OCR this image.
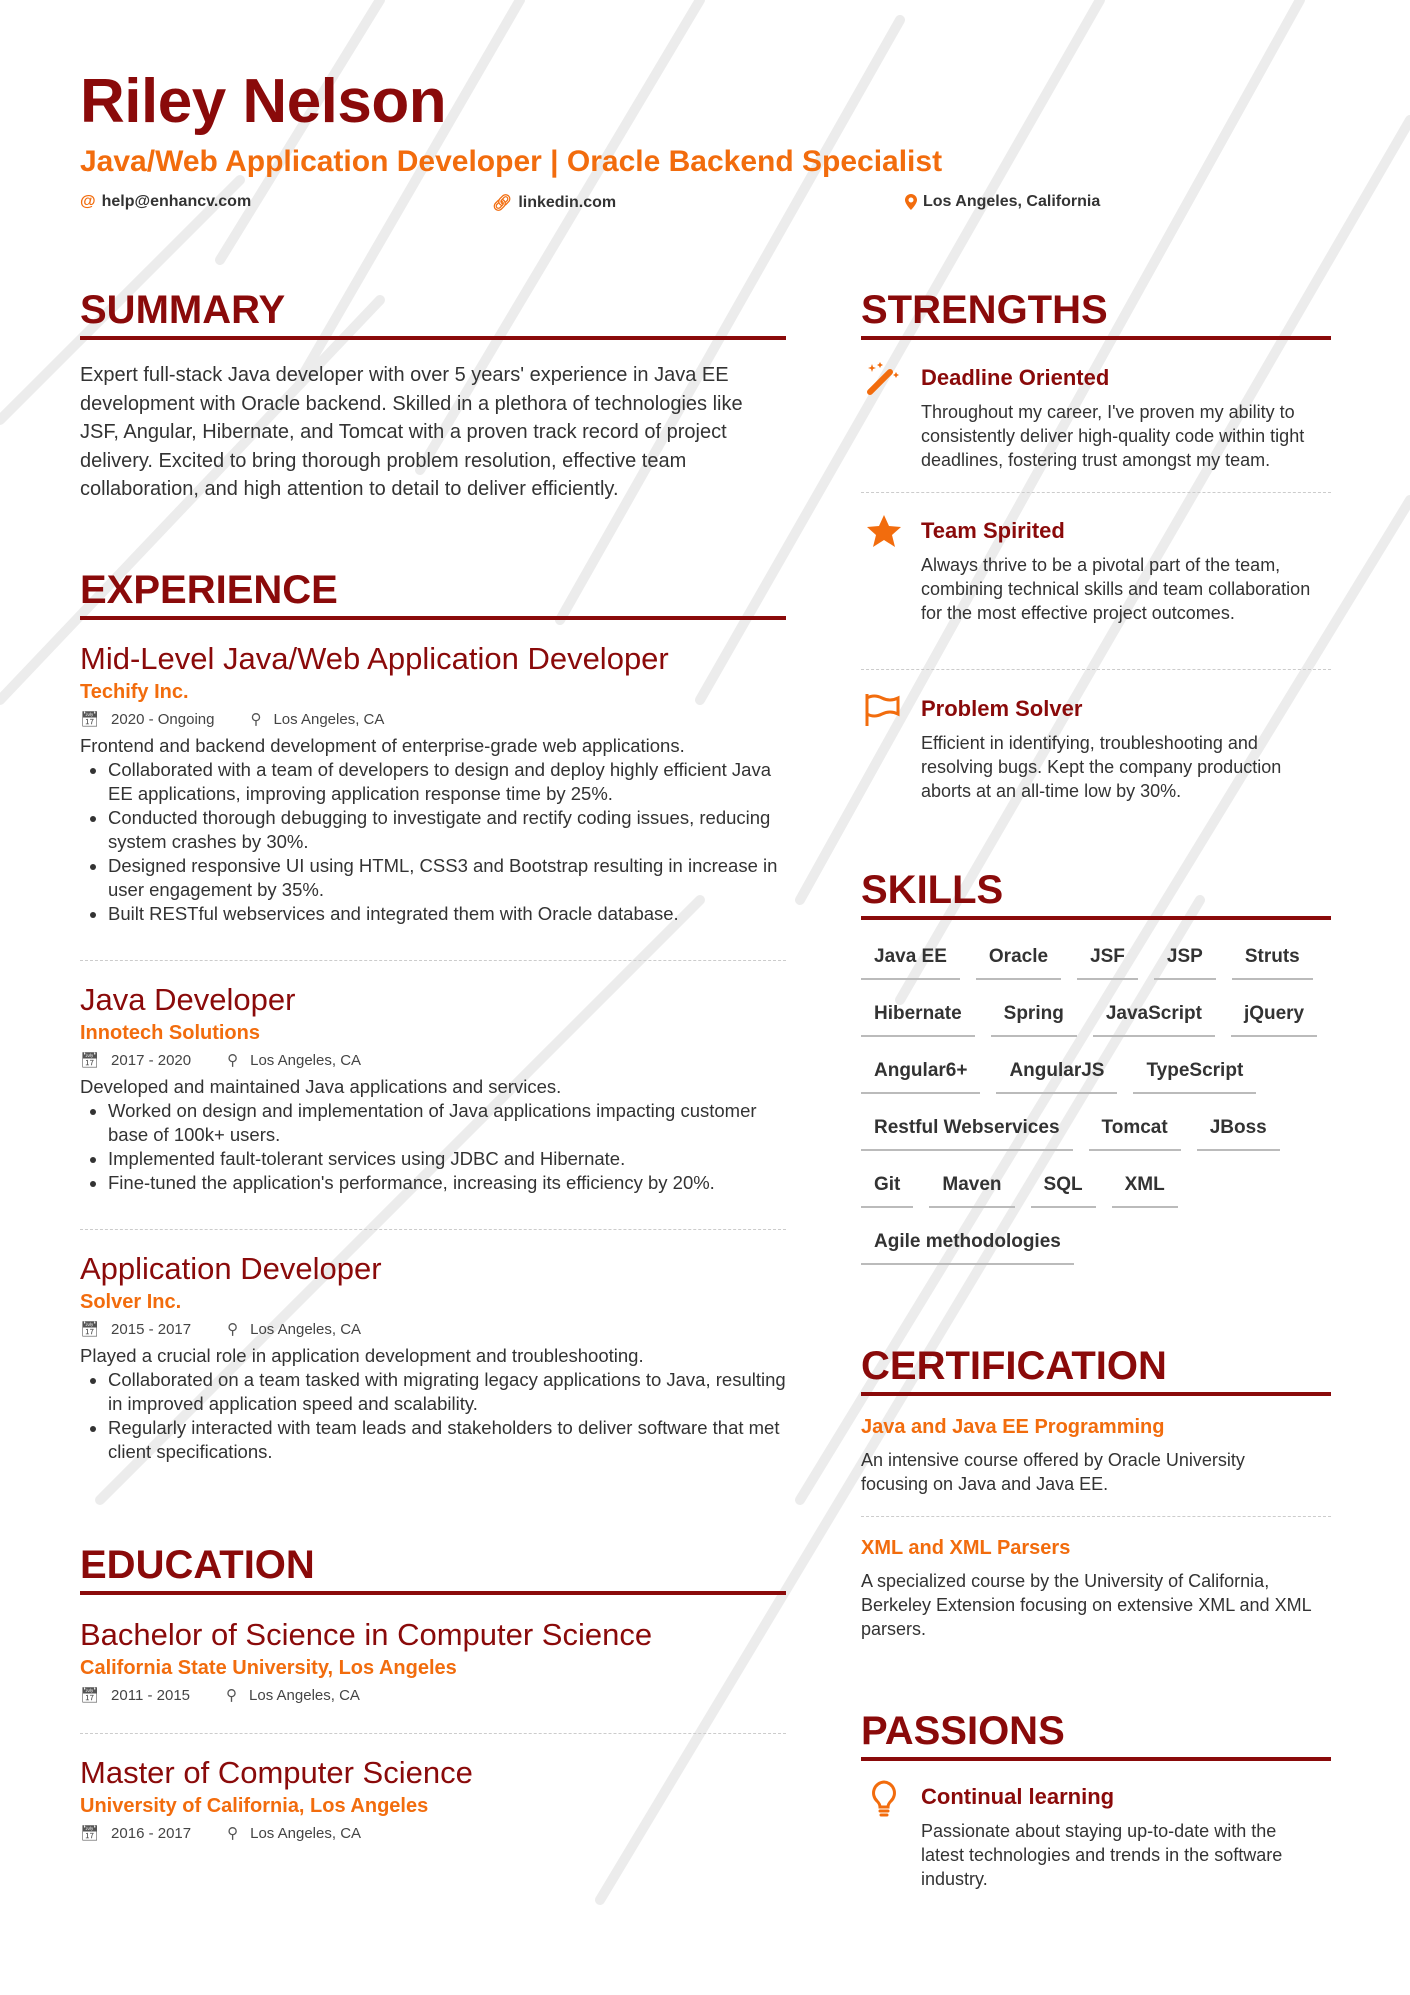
Riley Nelson
Java/Web Application Developer | Oracle Backend Specialist
@ help@enhancv.com	🔗︎ linkedin.com	Los Angeles, California
SUMMARY
Expert full-stack Java developer with over 5 years' experience in Java EE development with Oracle backend. Skilled in a plethora of technologies like JSF, Angular, Hibernate, and Tomcat with a proven track record of project delivery. Excited to bring thorough problem resolution, effective team collaboration, and high attention to detail to deliver efficiently.
EXPERIENCE
Mid-Level Java/Web Application Developer
Techify Inc.
📅︎ 2020 - Ongoing ⚲ Los Angeles, CA
Frontend and backend development of enterprise-grade web applications.
• Collaborated with a team of developers to design and deploy highly efficient Java EE applications, improving application response time by 25%.
• Conducted thorough debugging to investigate and rectify coding issues, reducing system crashes by 30%.
• Designed responsive UI using HTML, CSS3 and Bootstrap resulting in increase in user engagement by 35%.
• Built RESTful webservices and integrated them with Oracle database.
Java Developer
Innotech Solutions
📅︎ 2017 - 2020 ⚲ Los Angeles, CA
Developed and maintained Java applications and services.
• Worked on design and implementation of Java applications impacting customer base of 100k+ users.
• Implemented fault-tolerant services using JDBC and Hibernate.
• Fine-tuned the application's performance, increasing its efficiency by 20%.
Application Developer
Solver Inc.
📅︎ 2015 - 2017 ⚲ Los Angeles, CA
Played a crucial role in application development and troubleshooting.
• Collaborated on a team tasked with migrating legacy applications to Java, resulting in improved application speed and scalability.
• Regularly interacted with team leads and stakeholders to deliver software that met client specifications.
EDUCATION
Bachelor of Science in Computer Science
California State University, Los Angeles
📅︎ 2011 - 2015 ⚲ Los Angeles, CA
Master of Computer Science
University of California, Los Angeles
📅︎ 2016 - 2017 ⚲ Los Angeles, CA
STRENGTHS
Deadline Oriented
Throughout my career, I've proven my ability to consistently deliver high-quality code within tight deadlines, fostering trust amongst my team.
Team Spirited
Always thrive to be a pivotal part of the team, combining technical skills and team collaboration for the most effective project outcomes.
Problem Solver
Efficient in identifying, troubleshooting and resolving bugs. Kept the company production aborts at an all-time low by 30%.
SKILLS
Java EE	Oracle	JSF	JSP	Struts
Hibernate	Spring	JavaScript	jQuery
Angular6+	AngularJS	TypeScript
Restful Webservices	Tomcat	JBoss
Git	Maven	SQL	XML
Agile methodologies
CERTIFICATION
Java and Java EE Programming
An intensive course offered by Oracle University focusing on Java and Java EE.
XML and XML Parsers
A specialized course by the University of California, Berkeley Extension focusing on extensive XML and XML parsers.
PASSIONS
Continual learning
Passionate about staying up-to-date with the latest technologies and trends in the software industry.
